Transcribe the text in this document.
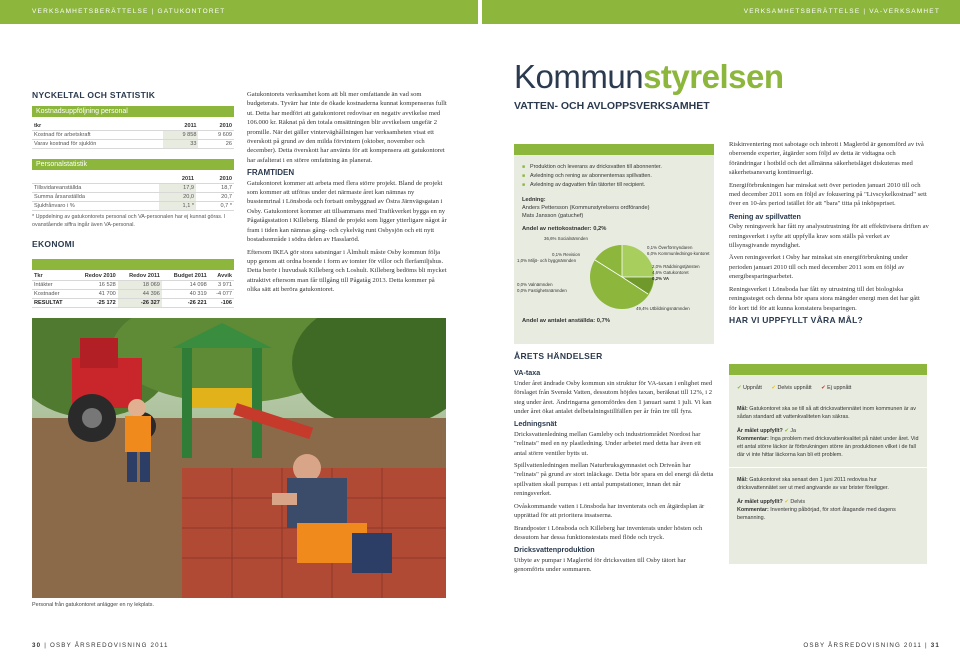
VERKSAMHETSBERÄTTELSE | GATUKONTORET	VERKSAMHETSBERÄTTELSE | VA-VERKSAMHET
NYCKELTAL OCH STATISTIK
Kostnadsuppföljning personal
tkr	2011	2010
Kostnad för arbetskraft	9 858	9 609
Varav kostnad för sjuklön	33	26
Personalstatistik
	2011	2010
Tillsvidareanställda	17,9	18,7
Summa årsanställda	20,0	20,7
Sjukfrånvaro i %	1,1 *	0,7 *
* Uppdelning av gatukontorets personal och VA-personalen har ej kunnat göras. I ovanstående siffra ingår även VA-personal.
EKONOMI
Tkr	Redov 2010	Redov 2011	Budget 2011	Avvik
Intäkter	16 528	18 069	14 098	3 971
Kostnader	41 700	44 396	40 319	-4 077
RESULTAT	-25 172	-26 327	-26 221	-106

Gatukontorets verksamhet kom att bli mer omfattande än vad som budgeterats. Tyvärr har inte de ökade kostnaderna kunnat kompenseras fullt ut. Detta har medfört att gatukontoret redovisar en negativ avvikelse med 106.000 kr. Räknat på den totala omsättningen blir avvikelsen ungefär 2 promille. När det gäller vinterväghållningen har verksamheten visat ett överskott på grund av den milda förvintern (oktober, november och december). Detta överskott har använts för att kompensera att gatukontoret har asfalterat i en större omfattning än planerat.

FRAMTIDEN

Gatukontoret kommer att arbeta med flera större projekt. Bland de projekt som kommer att utföras under det närmaste året kan nämnas ny busstemrinal i Lönsboda och fortsatt ombyggnad av Östra Järnvägsgatan i Osby. Gatukontoret kommer att tillsammans med Trafikverket bygga en ny Pågatågsstation i Killeberg. Bland de projekt som ligger ytterligare något år fram i tiden kan nämnas gång- och cykelväg runt Osbysjön och ett nytt bostadsområde i södra delen av Hasslaröd.

Eftersom IKEA gör stora satsningar i Älmhult måste Osby kommun följa upp genom att ordna boende i form av tomter för villor och flerfamiljshus. Detta berör i huvudsak Killeberg och Loshult. Killeberg bedöms bli mycket attraktivt eftersom man får tillgång till Pågatåg 2013. Detta kommer på olika sätt att beröra gatukontoret.

Personal från gatukontoret anlägger en ny lekplats.
30 | OSBY ÅRSREDOVISNING 2011
Kommunstyrelsen
VATTEN- OCH AVLOPPSVERKSAMHET
■ Produktion och leverans av dricksvatten till abonnenter.
■ Avledning och rening av abonnenternas spillvatten.
■ Avledning av dagvatten från tätorter till recipient.
Ledning:
Anders Pettersson (Kommunstyrelsens ordförande)
Mats Jansson (gatuchef)
Andel av nettokostnader: 0,2%
36,6% Socialnämnden
0,1% Revision
1,0% Miljö- och byggnämnden
0,0% Valnämnden
0,0% Fastighetsnämnden
0,1% Överförmyndaren
6,0% Kommunlednings-kontoret
2,0% Räddningstjänsten
4,6% Gatukontoret
0,2% VA
49,4% Utbildningsnämnden
Andel av antalet anställda: 0,7%
ÅRETS HÄNDELSER
VA-taxa

Under året ändrade Osby kommun sin struktur för VA-taxan i enlighet med förslaget från Svenskt Vatten, dessutom höjdes taxan, beräknat till 12%, i 2 steg under året. Ändringarna genomfördes den 1 januari samt 1 juli. Vi kan under året ökat antalet delbetalningstillfällen per år från tre till fyra.

Ledningsnät

Dricksvattenledning mellan Gamleby och industriområdet Nordost har "relinats" med en ny plastledning. Under arbetet med detta har även ett antal större ventiler bytts ut.

Spillvattenledningen mellan Naturbruksgymnasiet och Driveån har "relinats" på grund av stort inläckage. Detta bör spara en del energi då detta spillvatten skall pumpas i ett antal pumpstationer, innan det når reningsverket.

Ovåskommande vatten i Lönsboda har inventerats och en åtgärdsplan är upprättad för att prioritera insatserna.

Brandposter i Lönsboda och Killeberg har inventerats under hösten och dessutom har dessa funktionstestats med flöde och tryck.

Dricksvattenproduktion

Utbyte av pumpar i Magleröd för dricksvatten till Osby tätort har genomförts under sommaren.

Riskinventering mot sabotage och inbrott i Magleröd är genomförd av två oberoende experter, åtgärder som följd av detta är vidtagna och förändringar i hotbild och det allmänna säkerhetsläget diskuteras med säkerhetsansvarig kontinuerligt.

Energiförbrukningen har minskat sett över perioden januari 2010 till och med december 2011 som en följd av fokusering på "Livscykelkostnad" sett över en 10-års period istället för att "bara" titta på inköpspriset.

Rening av spillvatten

Osby reningsverk har fått ny analysutrustning för att effektivisera driften av reningsverket i syfte att uppfylla krav som ställs på verket av tillsynsgivande myndighet.

Även reningsverket i Osby har minskat sin energiförbrukning under perioden januari 2010 till och med december 2011 som en följd av energibesparingsarbetet.

Reningsverket i Lönsboda har fått ny utrustning till det biologiska reningssteget och denna bör spara stora mängder energi men det har gått för kort tid för att kunna konstatera besparingen.

HAR VI UPPFYLLT VÅRA MÅL?
✔ Uppnått ✔ Delvis uppnått ✔ Ej uppnått
Mål: Gatukontoret ska se till så att dricksvattennätet inom kommunen är av sådan standard att vattenkvaliteten kan säkras.
Är målet uppfyllt? ✔ Ja
Kommentar: Inga problem med dricksvattenkvalitet på nätet under året. Vid ett antal större läckor är förbrukningen större än produktionen vilket i de fall där vi inte hittar läckorna kan bli ett problem.
Mål: Gatukontoret ska senast den 1 juni 2011 redovisa hur dricksvattennätet ser ut med angivande av var brister föreligger.
Är målet uppfyllt? ✔ Delvis
Kommentar: Inventering påbörjad, för stort åtagande med dagens bemanning.
OSBY ÅRSREDOVISNING 2011 | 31
